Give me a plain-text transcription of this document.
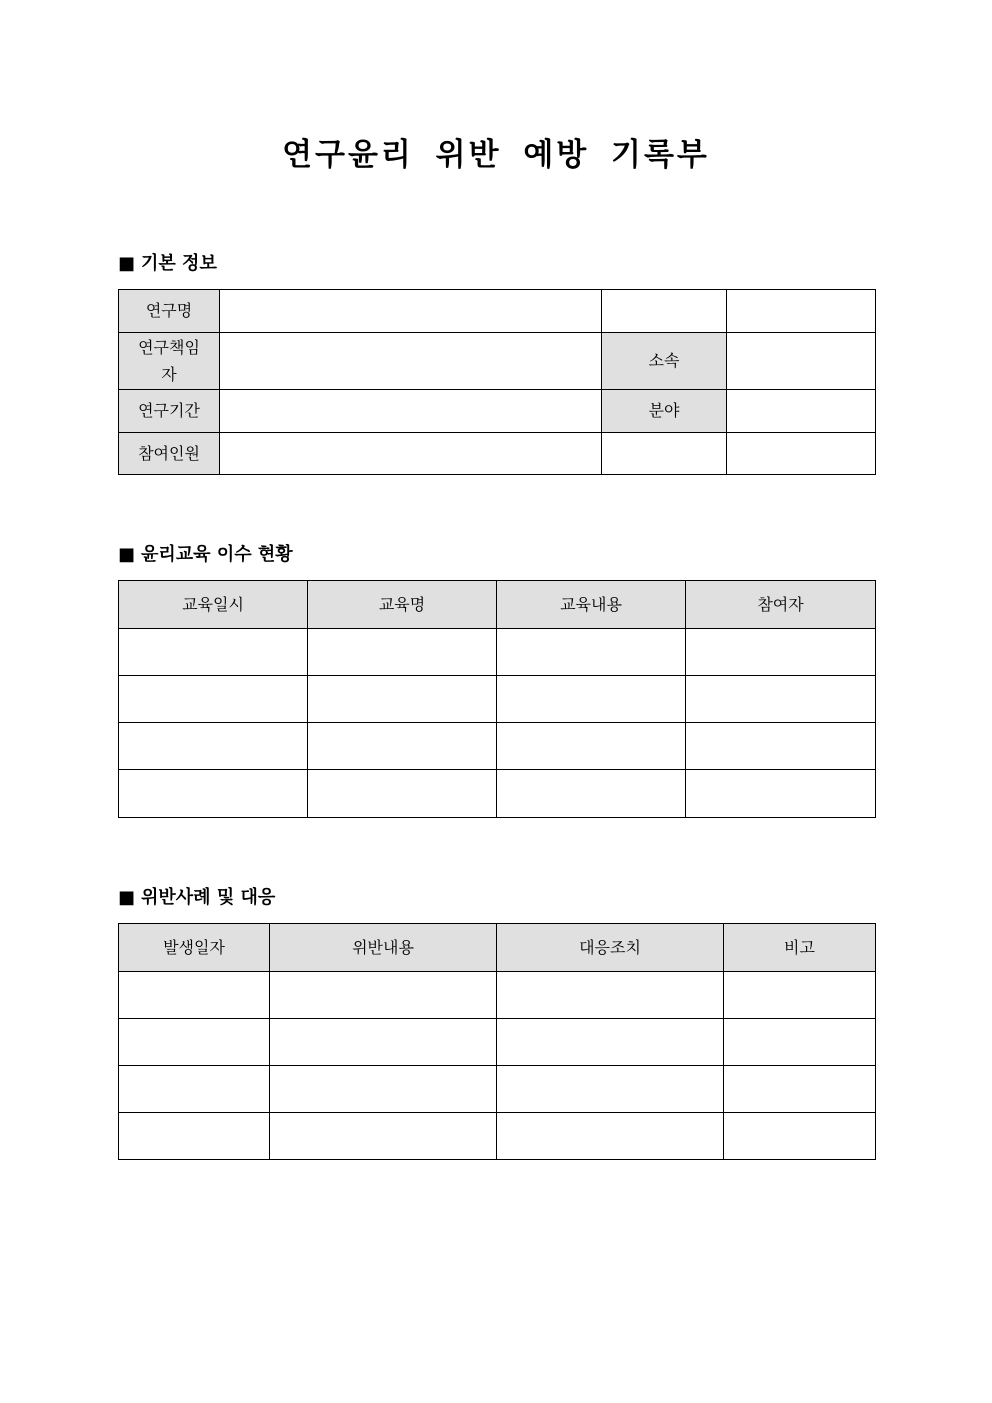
연구윤리 위반 예방 기록부
■ 기본 정보
연구명			
연구책임
자		소속	
연구기간		분야	
참여인원			
■ 윤리교육 이수 현황
교육일시	교육명	교육내용	참여자

■ 위반사례 및 대응
발생일자	위반내용	대응조치	비고
